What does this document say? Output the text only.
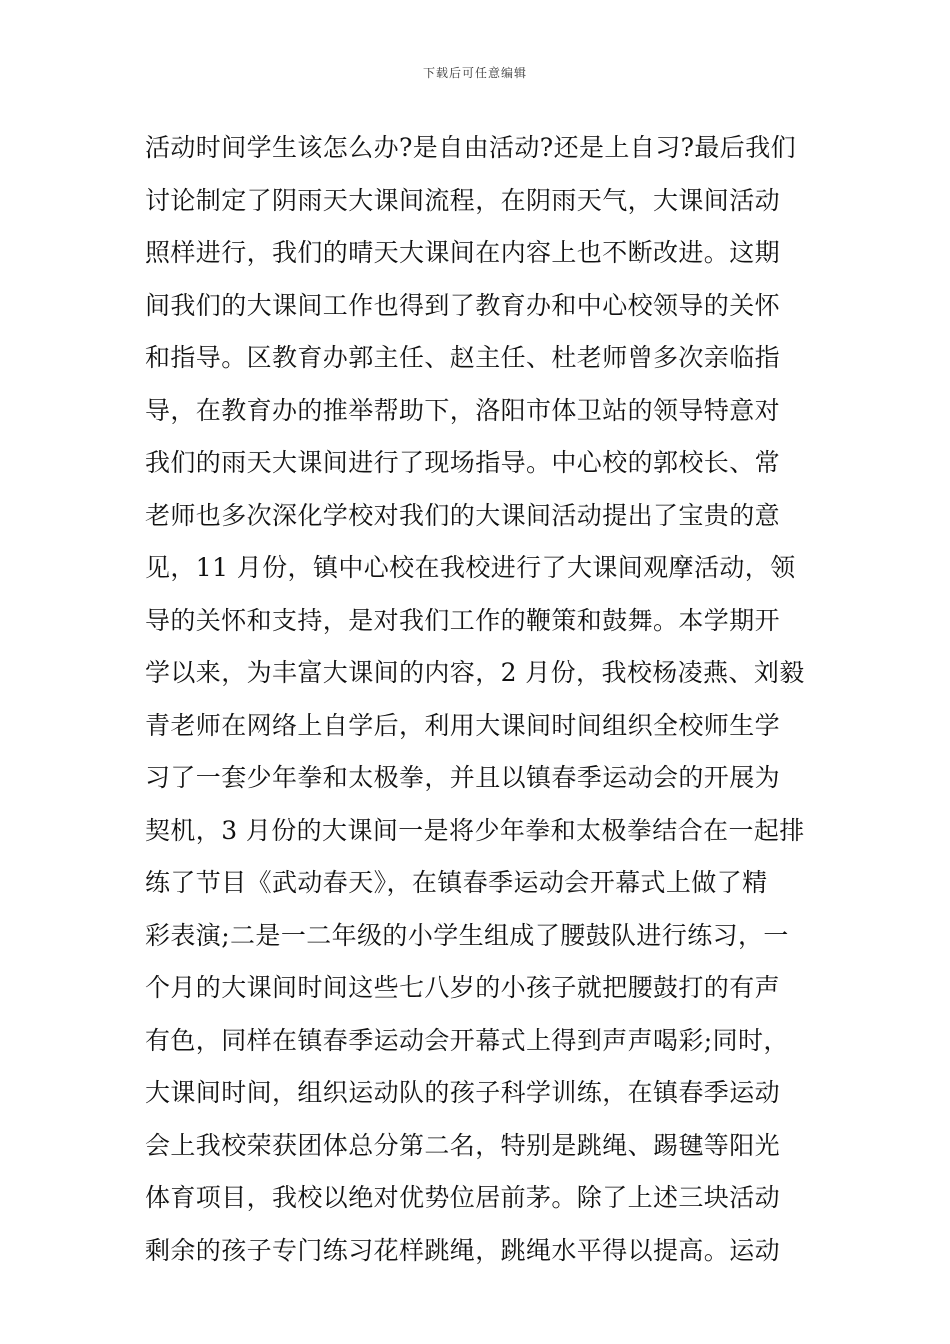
下载后可任意编辑
活动时间学生该怎么办?是自由活动?还是上自习?最后我们
讨论制定了阴雨天大课间流程，在阴雨天气，大课间活动
照样进行，我们的晴天大课间在内容上也不断改进。这期
间我们的大课间工作也得到了教育办和中心校领导的关怀
和指导。区教育办郭主任、赵主任、杜老师曾多次亲临指
导，在教育办的推举帮助下，洛阳市体卫站的领导特意对
我们的雨天大课间进行了现场指导。中心校的郭校长、常
老师也多次深化学校对我们的大课间活动提出了宝贵的意
见，11 月份，镇中心校在我校进行了大课间观摩活动，领
导的关怀和支持，是对我们工作的鞭策和鼓舞。本学期开
学以来，为丰富大课间的内容，2 月份，我校杨凌燕、刘毅
青老师在网络上自学后，利用大课间时间组织全校师生学
习了一套少年拳和太极拳，并且以镇春季运动会的开展为
契机，3 月份的大课间一是将少年拳和太极拳结合在一起排
练了节目《武动春天》，在镇春季运动会开幕式上做了精
彩表演;二是一二年级的小学生组成了腰鼓队进行练习，一
个月的大课间时间这些七八岁的小孩子就把腰鼓打的有声
有色，同样在镇春季运动会开幕式上得到声声喝彩;同时，
大课间时间，组织运动队的孩子科学训练，在镇春季运动
会上我校荣获团体总分第二名，特别是跳绳、踢毽等阳光
体育项目，我校以绝对优势位居前茅。除了上述三块活动
剩余的孩子专门练习花样跳绳，跳绳水平得以提高。运动
